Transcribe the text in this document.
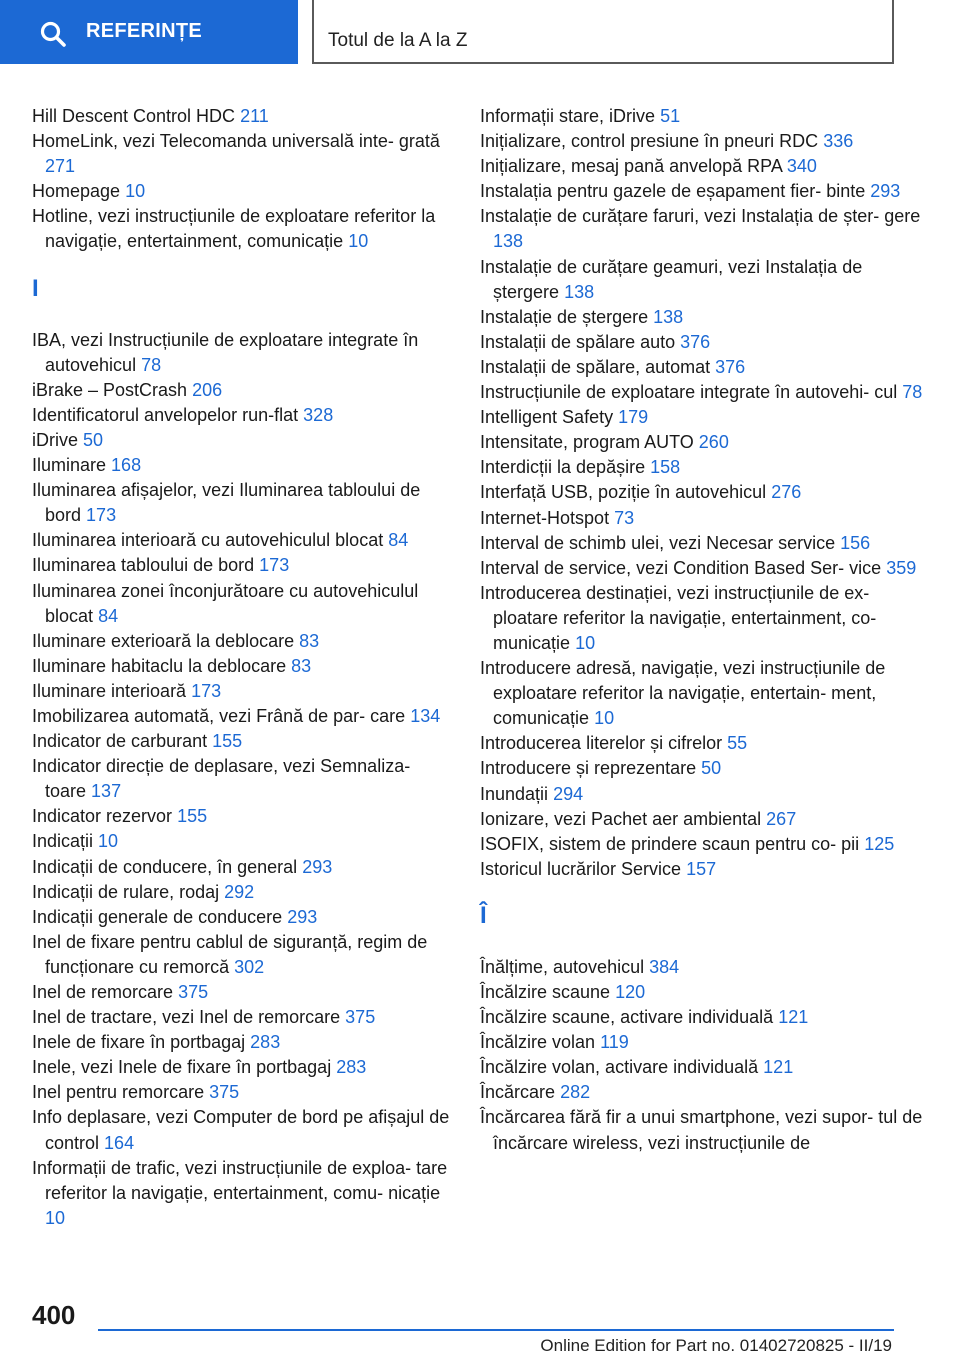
REFERINȚE	Totul de la A la Z

Hill Descent Control HDC 211

HomeLink, vezi Telecomanda universală inte- grată 271

Homepage 10

Hotline, vezi instrucțiunile de exploatare referitor la navigație, entertainment, comunicație 10

I

IBA, vezi Instrucțiunile de exploatare integrate în autovehicul 78

iBrake – PostCrash 206

Identificatorul anvelopelor run-flat 328

iDrive 50

Iluminare 168

Iluminarea afișajelor, vezi Iluminarea tabloului de bord 173

Iluminarea interioară cu autovehiculul blocat 84

Iluminarea tabloului de bord 173

Iluminarea zonei înconjurătoare cu autovehiculul blocat 84

Iluminare exterioară la deblocare 83

Iluminare habitaclu la deblocare 83

Iluminare interioară 173

Imobilizarea automată, vezi Frână de par- care 134

Indicator de carburant 155

Indicator direcție de deplasare, vezi Semnaliza- toare 137

Indicator rezervor 155

Indicații 10

Indicații de conducere, în general 293

Indicații de rulare, rodaj 292

Indicații generale de conducere 293

Inel de fixare pentru cablul de siguranță, regim de funcționare cu remorcă 302

Inel de remorcare 375

Inel de tractare, vezi Inel de remorcare 375

Inele de fixare în portbagaj 283

Inele, vezi Inele de fixare în portbagaj 283

Inel pentru remorcare 375

Info deplasare, vezi Computer de bord pe afișajul de control 164

Informații de trafic, vezi instrucțiunile de exploa- tare referitor la navigație, entertainment, comu- nicație 10

Informații stare, iDrive 51

Inițializare, control presiune în pneuri RDC 336

Inițializare, mesaj pană anvelopă RPA 340

Instalația pentru gazele de eșapament fier- binte 293

Instalație de curățare faruri, vezi Instalația de șter- gere 138

Instalație de curățare geamuri, vezi Instalația de ștergere 138

Instalație de ștergere 138

Instalații de spălare auto 376

Instalații de spălare, automat 376

Instrucțiunile de exploatare integrate în autovehi- cul 78

Intelligent Safety 179

Intensitate, program AUTO 260

Interdicții la depășire 158

Interfață USB, poziție în autovehicul 276

Internet-Hotspot 73

Interval de schimb ulei, vezi Necesar service 156

Interval de service, vezi Condition Based Ser- vice 359

Introducerea destinației, vezi instrucțiunile de ex- ploatare referitor la navigație, entertainment, co- municație 10

Introducere adresă, navigație, vezi instrucțiunile de exploatare referitor la navigație, entertain- ment, comunicație 10

Introducerea literelor și cifrelor 55

Introducere și reprezentare 50

Inundații 294

Ionizare, vezi Pachet aer ambiental 267

ISOFIX, sistem de prindere scaun pentru co- pii 125

Istoricul lucrărilor Service 157

Î

Înălțime, autovehicul 384

Încălzire scaune 120

Încălzire scaune, activare individuală 121

Încălzire volan 119

Încălzire volan, activare individuală 121

Încărcare 282

Încărcarea fără fir a unui smartphone, vezi supor- tul de încărcare wireless, vezi instrucțiunile de

400
Online Edition for Part no. 01402720825 - II/19
